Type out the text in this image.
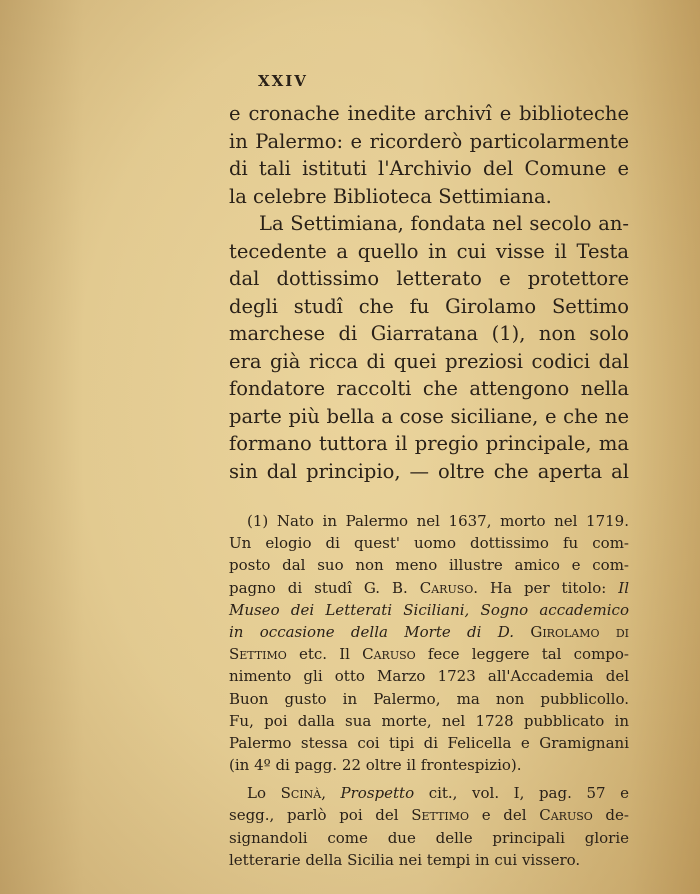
XXIV
e cronache inedite archivî e biblioteche
in Palermo: e ricorderò particolarmente
di tali istituti l'Archivio del Comune e
la celebre Biblioteca Settimiana.
La Settimiana, fondata nel secolo an-
tecedente a quello in cui visse il Testa
dal dottissimo letterato e protettore
degli studî che fu Girolamo Settimo
marchese di Giarratana (1), non solo
era già ricca di quei preziosi codici dal
fondatore raccolti che attengono nella
parte più bella a cose siciliane, e che ne
formano tuttora il pregio principale, ma
sin dal principio, — oltre che aperta al
(1) Nato in Palermo nel 1637, morto nel 1719.
Un elogio di quest' uomo dottissimo fu com-
posto dal suo non meno illustre amico e com-
pagno di studî G. B. Caruso. Ha per titolo: Il
Museo dei Letterati Siciliani, Sogno accademico
in occasione della Morte di D. Girolamo di
Settimo etc. Il Caruso fece leggere tal compo-
nimento gli otto Marzo 1723 all'Accademia del
Buon gusto in Palermo, ma non pubblicollo.
Fu, poi dalla sua morte, nel 1728 pubblicato in
Palermo stessa coi tipi di Felicella e Gramignani
(in 4º di pagg. 22 oltre il frontespizio).
Lo Scinà, Prospetto cit., vol. I, pag. 57 e
segg., parlò poi del Settimo e del Caruso de-
signandoli come due delle principali glorie
letterarie della Sicilia nei tempi in cui vissero.
